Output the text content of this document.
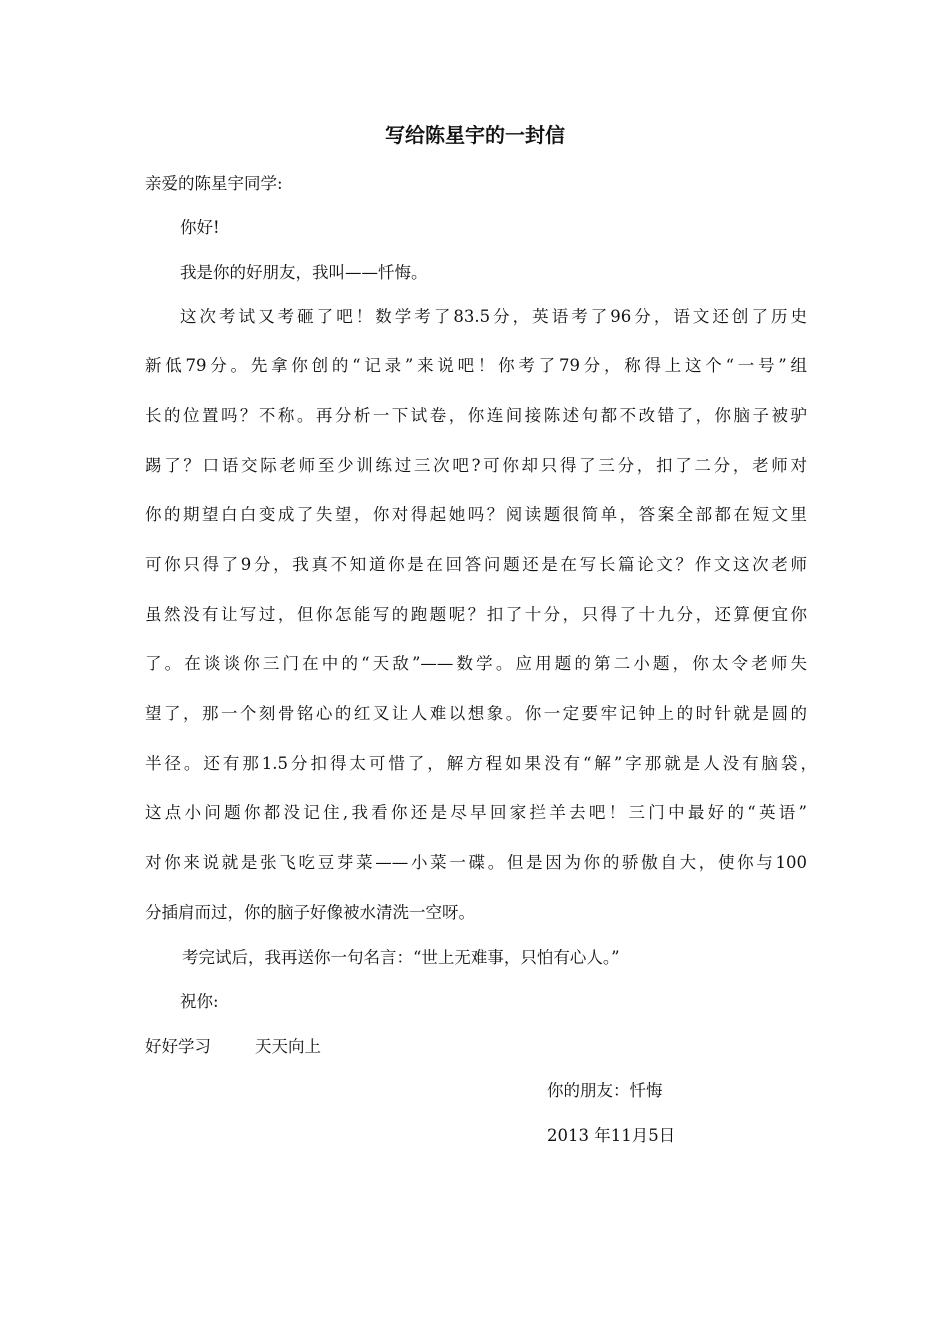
写给陈星宇的一封信
亲爱的陈星宇同学:
你好!
我是你的好朋友，我叫——忏悔。
这次考试又考砸了吧！数学考了83.5分，英语考了96分，语文还创了历史
新低79分。先拿你创的“记录”来说吧！你考了79分，称得上这个“一号”组
长的位置吗？不称。再分析一下试卷，你连间接陈述句都不改错了，你脑子被驴
踢了？口语交际老师至少训练过三次吧?可你却只得了三分，扣了二分，老师对
你的期望白白变成了失望，你对得起她吗？阅读题很简单，答案全部都在短文里
可你只得了9分，我真不知道你是在回答问题还是在写长篇论文？作文这次老师
虽然没有让写过，但你怎能写的跑题呢？扣了十分，只得了十九分，还算便宜你
了。在谈谈你三门在中的“天敌”——数学。应用题的第二小题，你太令老师失
望了，那一个刻骨铭心的红叉让人难以想象。你一定要牢记钟上的时针就是圆的
半径。还有那1.5分扣得太可惜了，解方程如果没有“解”字那就是人没有脑袋，
这点小问题你都没记住,我看你还是尽早回家拦羊去吧！三门中最好的“英语”
对你来说就是张飞吃豆芽菜——小菜一碟。但是因为你的骄傲自大，使你与100
分插肩而过，你的脑子好像被水清洗一空呀。
考完试后，我再送你一句名言：“世上无难事，只怕有心人。”
祝你:
好好学习	天天向上
你的朋友：忏悔
2013 年11月5日
